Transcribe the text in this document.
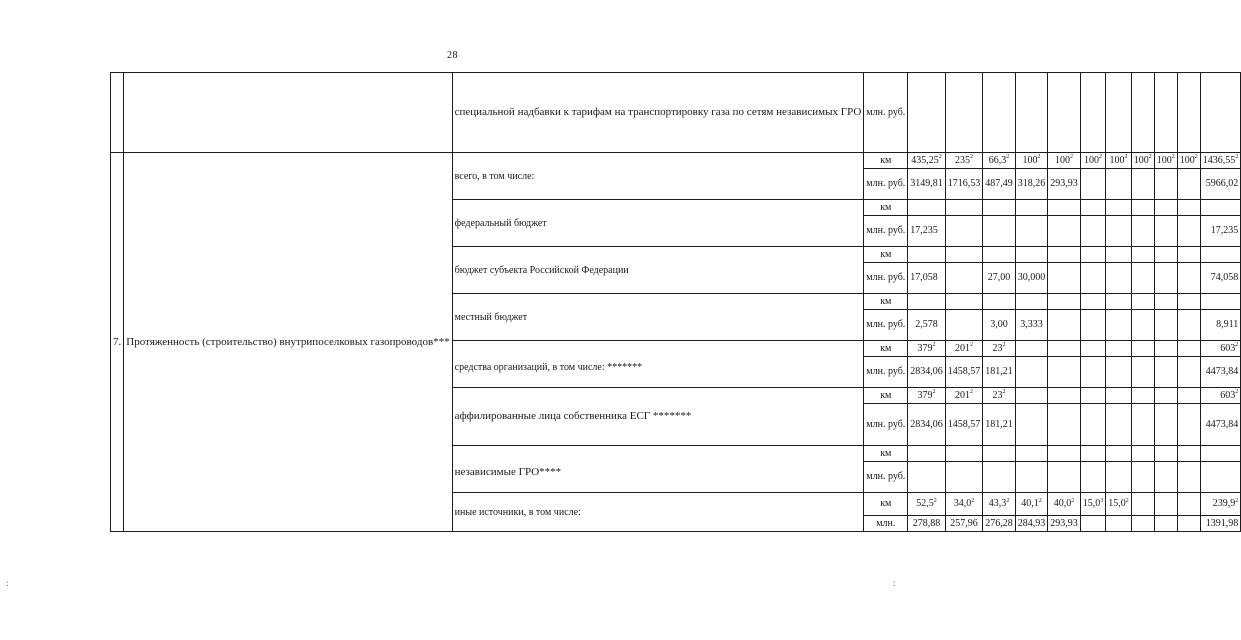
28
:	:
		специальной надбавки к тарифам на транспортировку газа по сетям независимых ГРО	млн. руб.											
7.	Протяженность (строительство) внутрипоселковых газопроводов***	всего, в том числе:	км	435,25 2	235 2	66,3 2	100 2	100 2	100 2	100 2	100 2	100 2	100 2	1436,55 2
			млн. руб.	3149,81	1716,53	487,49	318,26	293,93						5966,02
		федеральный бюджет	км											
			млн. руб.	17,235										17,235
		бюджет субъекта Российской Федерации	км											
			млн. руб.	17,058		27,00	30,000							74,058
		местный бюджет	км											
			млн. руб.	2,578		3,00	3,333							8,911
		средства организаций, в том числе: *******	км	379 2	201 2	23 2								603 2
			млн. руб.	2834,06	1458,57	181,21								4473,84
		аффилированные лица собственника ЕСГ *******	км	379 2	201 2	23 2								603 2
			млн. руб.	2834,06	1458,57	181,21								4473,84
		независимые ГРО****	км											
			млн. руб.											
		иные источники, в том числе:	км	52,5 2	34,0 2	43,3 2	40,1 2	40,0 2	15,0 3	15,0 2				239,9 2
			млн.	278,88	257,96	276,28	284,93	293,93						1391,98
